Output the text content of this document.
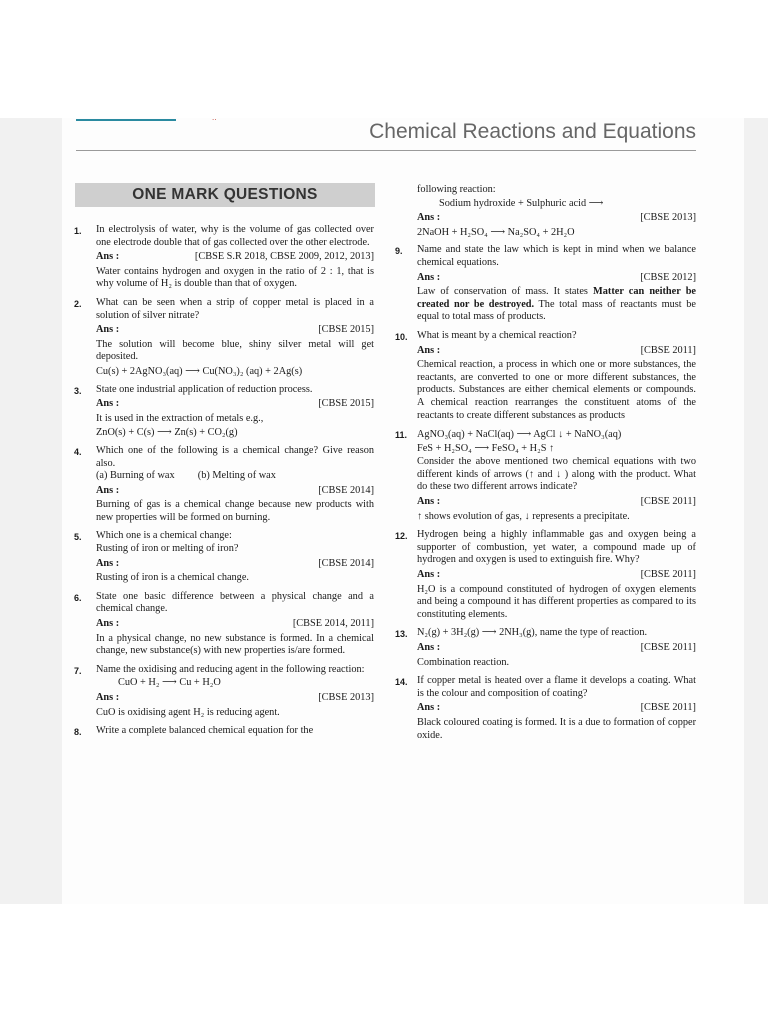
..
Chemical Reactions and Equations
ONE MARK QUESTIONS
1.	In electrolysis of water, why is the volume of gas collected over one electrode double that of gas collected over the other electrode.
Ans :	[CBSE S.R 2018, CBSE 2009, 2012, 2013]
Water contains hydrogen and oxygen in the ratio of 2 : 1, that is why volume of H₂ is double than that of oxygen.
2.	What can be seen when a strip of copper metal is placed in a solution of silver nitrate?
Ans :	[CBSE 2015]
The solution will become blue, shiny silver metal will get deposited.
Cu(s) + 2AgNO₃(aq) ⟶ Cu(NO₃)₂ (aq) + 2Ag(s)
3.	State one industrial application of reduction process.
Ans :	[CBSE 2015]
It is used in the extraction of metals e.g.,
ZnO(s) + C(s) ⟶ Zn(s) + CO₂(g)
4.	Which one of the following is a chemical change? Give reason also.
(a) Burning of wax (b) Melting of wax
Ans :	[CBSE 2014]
Burning of gas is a chemical change because new products with new properties will be formed on burning.
5.	Which one is a chemical change:
Rusting of iron or melting of iron?
Ans :	[CBSE 2014]
Rusting of iron is a chemical change.
6.	State one basic difference between a physical change and a chemical change.
Ans :	[CBSE 2014, 2011]
In a physical change, no new substance is formed. In a chemical change, new substance(s) with new properties is/are formed.
7.	Name the oxidising and reducing agent in the following reaction:
CuO + H₂ ⟶ Cu + H₂O
Ans :	[CBSE 2013]
CuO is oxidising agent H₂ is reducing agent.
8.	Write a complete balanced chemical equation for the
following reaction:
Sodium hydroxide + Sulphuric acid ⟶
Ans :	[CBSE 2013]
2NaOH + H₂SO₄ ⟶ Na₂SO₄ + 2H₂O
9.	Name and state the law which is kept in mind when we balance chemical equations.
Ans :	[CBSE 2012]
Law of conservation of mass. It states Matter can neither be created nor be destroyed. The total mass of reactants must be equal to total mass of products.
10. What is meant by a chemical reaction?
Ans :	[CBSE 2011]
Chemical reaction, a process in which one or more substances, the reactants, are converted to one or more different substances, the products. Substances are either chemical elements or compounds. A chemical reaction rearranges the constituent atoms of the reactants to create different substances as products
11. AgNO₃(aq) + NaCl(aq) ⟶ AgCl ↓ + NaNO₃(aq)
FeS + H₂SO₄ ⟶ FeSO₄ + H₂S ↑
Consider the above mentioned two chemical equations with two different kinds of arrows (↑ and ↓ ) along with the product. What do these two different arrows indicate?
Ans :	[CBSE 2011]
↑ shows evolution of gas, ↓ represents a precipitate.
12. Hydrogen being a highly inflammable gas and oxygen being a supporter of combustion, yet water, a compound made up of hydrogen and oxygen is used to extinguish fire. Why?
Ans :	[CBSE 2011]
H₂O is a compound constituted of hydrogen of oxygen elements and being a compound it has different properties as compared to its constituting elements.
13. N₂(g) + 3H₂(g) ⟶ 2NH₃(g), name the type of reaction.
Ans :	[CBSE 2011]
Combination reaction.
14. If copper metal is heated over a flame it develops a coating. What is the colour and composition of coating?
Ans :	[CBSE 2011]
Black coloured coating is formed. It is a due to formation of copper oxide.
